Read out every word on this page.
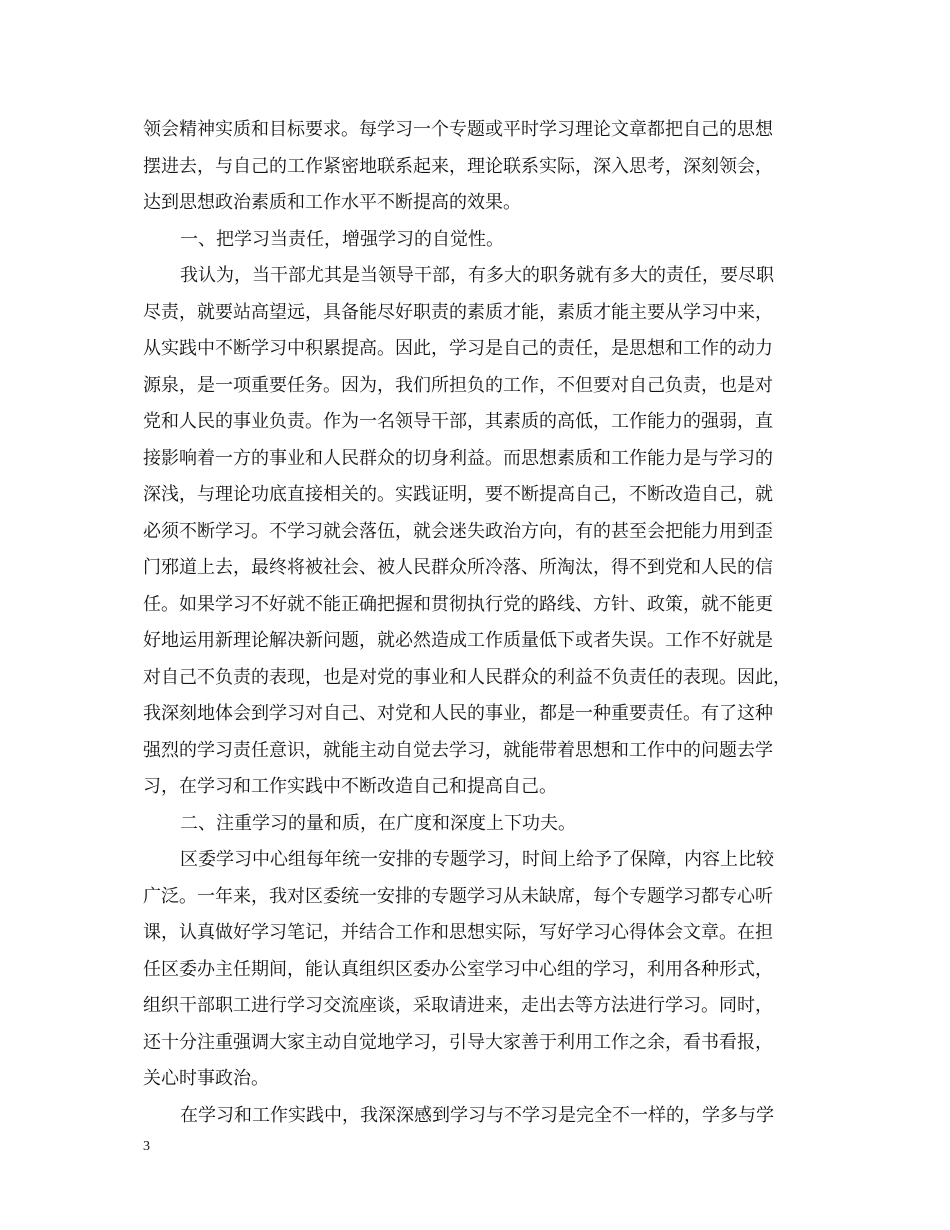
领会精神实质和目标要求。每学习一个专题或平时学习理论文章都把自己的思想
摆进去，与自己的工作紧密地联系起来，理论联系实际，深入思考，深刻领会，
达到思想政治素质和工作水平不断提高的效果。
一、把学习当责任，增强学习的自觉性。
我认为，当干部尤其是当领导干部，有多大的职务就有多大的责任，要尽职
尽责，就要站高望远，具备能尽好职责的素质才能，素质才能主要从学习中来，
从实践中不断学习中积累提高。因此，学习是自己的责任，是思想和工作的动力
源泉，是一项重要任务。因为，我们所担负的工作，不但要对自己负责，也是对
党和人民的事业负责。作为一名领导干部，其素质的高低，工作能力的强弱，直
接影响着一方的事业和人民群众的切身利益。而思想素质和工作能力是与学习的
深浅，与理论功底直接相关的。实践证明，要不断提高自己，不断改造自己，就
必须不断学习。不学习就会落伍，就会迷失政治方向，有的甚至会把能力用到歪
门邪道上去，最终将被社会、被人民群众所冷落、所淘汰，得不到党和人民的信
任。如果学习不好就不能正确把握和贯彻执行党的路线、方针、政策，就不能更
好地运用新理论解决新问题，就必然造成工作质量低下或者失误。工作不好就是
对自己不负责的表现，也是对党的事业和人民群众的利益不负责任的表现。因此，
我深刻地体会到学习对自己、对党和人民的事业，都是一种重要责任。有了这种
强烈的学习责任意识，就能主动自觉去学习，就能带着思想和工作中的问题去学
习，在学习和工作实践中不断改造自己和提高自己。
二、注重学习的量和质，在广度和深度上下功夫。
区委学习中心组每年统一安排的专题学习，时间上给予了保障，内容上比较
广泛。一年来，我对区委统一安排的专题学习从未缺席，每个专题学习都专心听
课，认真做好学习笔记，并结合工作和思想实际，写好学习心得体会文章。在担
任区委办主任期间，能认真组织区委办公室学习中心组的学习，利用各种形式，
组织干部职工进行学习交流座谈，采取请进来，走出去等方法进行学习。同时，
还十分注重强调大家主动自觉地学习，引导大家善于利用工作之余，看书看报，
关心时事政治。
在学习和工作实践中，我深深感到学习与不学习是完全不一样的，学多与学
3
